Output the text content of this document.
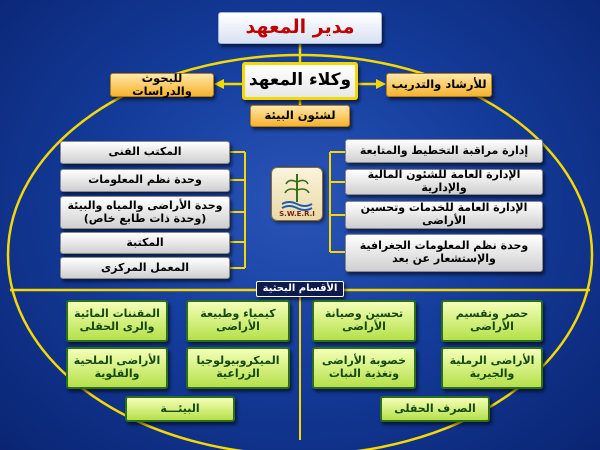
مدير المعهد
وكلاء المعهد
للبحوث والدراسات	للأرشاد والتدريب
لشئون البيئة
المكتب الفنى
وحدة نظم المعلومات
وحدة الأراضى والمياه والبيئة
(وحدة ذات طابع خاص)
المكتبة
المعمل المركزى
إدارة مراقبة التخطيط والمتابعة
الإدارة العامة للشئون المالية والإدارية
الإدارة العامة للخدمات وتحسين الأراضى
وحدة نظم المعلومات الجغرافية
والإستشعار عن بعد
S.W.E.R.I
الأقسام البحثية
حصر وتقسيم
الأراضى
تحسين وصيانة
الأراضى
كيمياء وطبيعة
الأراضى
المقننات المائية
والرى الحقلى
الأراضى الرملية
والجيرية
خصوبة الأراضى
وتغذية النبات
الميكروبيولوجيا
الزراعية
الأراضى الملحية
والقلوية
الصرف الحقلى
البيئـــة
